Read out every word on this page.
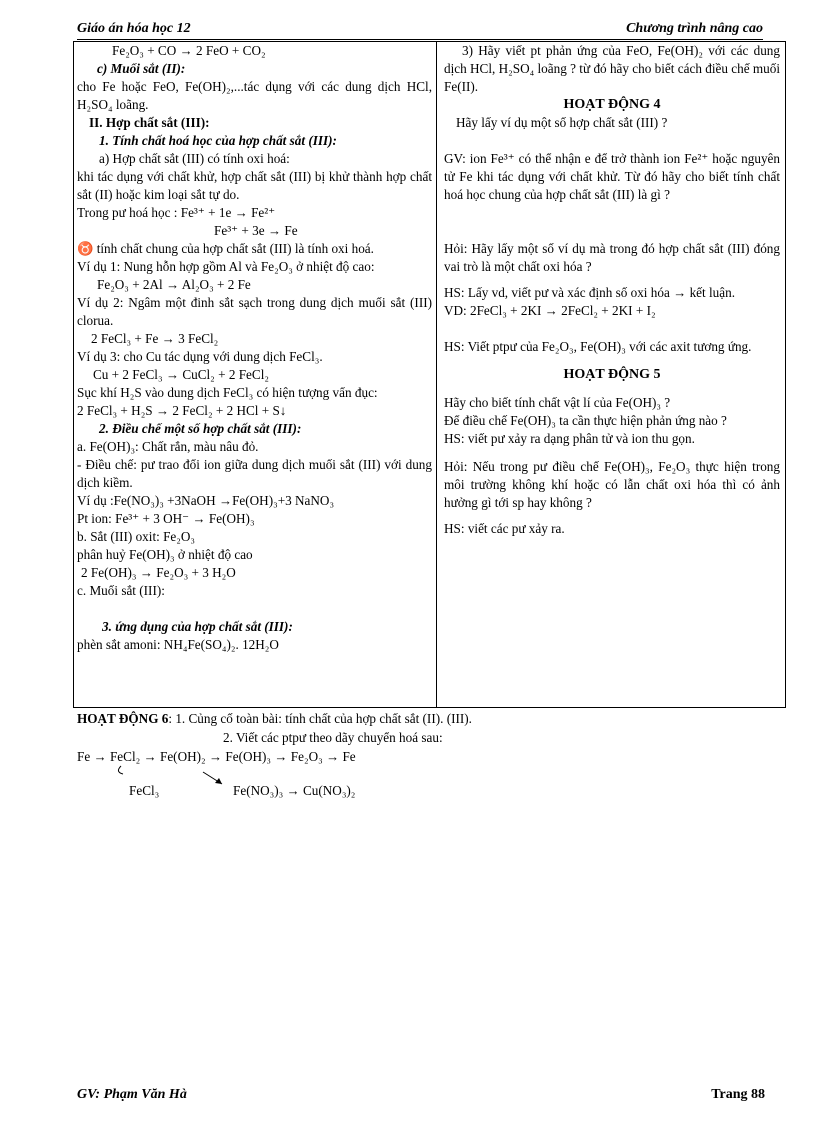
Giáo án hóa học 12	Chương trình nâng cao
Fe₂O₃ + CO → 2 FeO + CO₂
c) Muối sắt (II):
cho Fe hoặc FeO, Fe(OH)₂,...tác dụng với các dung dịch HCl, H₂SO₄ loãng.
II. Hợp chất sắt (III):
1. Tính chất hoá học của hợp chất sắt (III):
a) Hợp chất sắt (III) có tính oxi hoá:
khi tác dụng với chất khử, hợp chất sắt (III) bị khử thành hợp chất sắt (II) hoặc kim loại sắt tự do.
Trong pư hoá học : Fe³⁺ + 1e → Fe²⁺
Fe³⁺ + 3e → Fe
♉ tính chất chung của hợp chất sắt (III) là tính oxi hoá.
Ví dụ 1: Nung hỗn hợp gồm Al và Fe₂O₃ ở nhiệt độ cao:
Fe₂O₃ + 2Al → Al₂O₃ + 2 Fe
Ví dụ 2: Ngâm một đinh sắt sạch trong dung dịch muối sắt (III) clorua.
2 FeCl₃ + Fe → 3 FeCl₂
Ví dụ 3: cho Cu tác dụng với dung dịch FeCl₃.
Cu + 2 FeCl₃ → CuCl₂ + 2 FeCl₂
Sục khí H₂S vào dung dịch FeCl₃ có hiện tượng vẩn đục:
2 FeCl₃ + H₂S → 2 FeCl₂ + 2 HCl + S↓
2. Điều chế một số hợp chất sắt (III):
a. Fe(OH)₃: Chất rắn, màu nâu đỏ.
- Điều chế: pư trao đổi ion giữa dung dịch muối sắt (III) với dung dịch kiềm.
Ví dụ :Fe(NO₃)₃ +3NaOH →Fe(OH)₃+3 NaNO₃
Pt ion: Fe³⁺ + 3 OH⁻ → Fe(OH)₃
b. Sắt (III) oxit: Fe₂O₃
phân huỷ Fe(OH)₃ ở nhiệt độ cao
2 Fe(OH)₃ → Fe₂O₃ + 3 H₂O
c. Muối sắt (III):
3. ứng dụng của hợp chất sắt (III):
phèn sắt amoni: NH₄Fe(SO₄)₂. 12H₂O
3) Hãy viết pt phản ứng của FeO, Fe(OH)₂ với các dung dịch HCl, H₂SO₄ loãng ? từ đó hãy cho biết cách điều chế muối Fe(II).
HOẠT ĐỘNG 4
Hãy lấy ví dụ một số hợp chất sắt (III) ?
GV: ion Fe³⁺ có thể nhận e để trở thành ion Fe²⁺ hoặc nguyên tử Fe khi tác dụng với chất khử. Từ đó hãy cho biết tính chất hoá học chung của hợp chất sắt (III) là gì ?
Hỏi: Hãy lấy một số ví dụ mà trong đó hợp chất sắt (III) đóng vai trò là một chất oxi hóa ?
HS: Lấy vd, viết pư và xác định số oxi hóa → kết luận.
VD: 2FeCl₃ + 2KI → 2FeCl₂ + 2KI + I₂
HS: Viết ptpư của Fe₂O₃, Fe(OH)₃ với các axit tương ứng.
HOẠT ĐỘNG 5
Hãy cho biết tính chất vật lí của Fe(OH)₃ ?
Để điều chế Fe(OH)₃ ta cần thực hiện phản ứng nào ?
HS: viết pư xảy ra dạng phân tử và ion thu gọn.
Hỏi: Nếu trong pư điều chế Fe(OH)₃, Fe₂O₃ thực hiện trong môi trường không khí hoặc có lẫn chất oxi hóa thì có ảnh hưởng gì tới sp hay không ?
HS: viết các pư xảy ra.
HOẠT ĐỘNG 6: 1. Củng cố toàn bài: tính chất của hợp chất sắt (II). (III).
2. Viết các ptpư theo dãy chuyển hoá sau:
Fe → FeCl₂ → Fe(OH)₂ → Fe(OH)₃ → Fe₂O₃ → Fe
FeCl₃	Fe(NO₃)₃ → Cu(NO₃)₂
GV: Phạm Văn Hà	Trang 88
